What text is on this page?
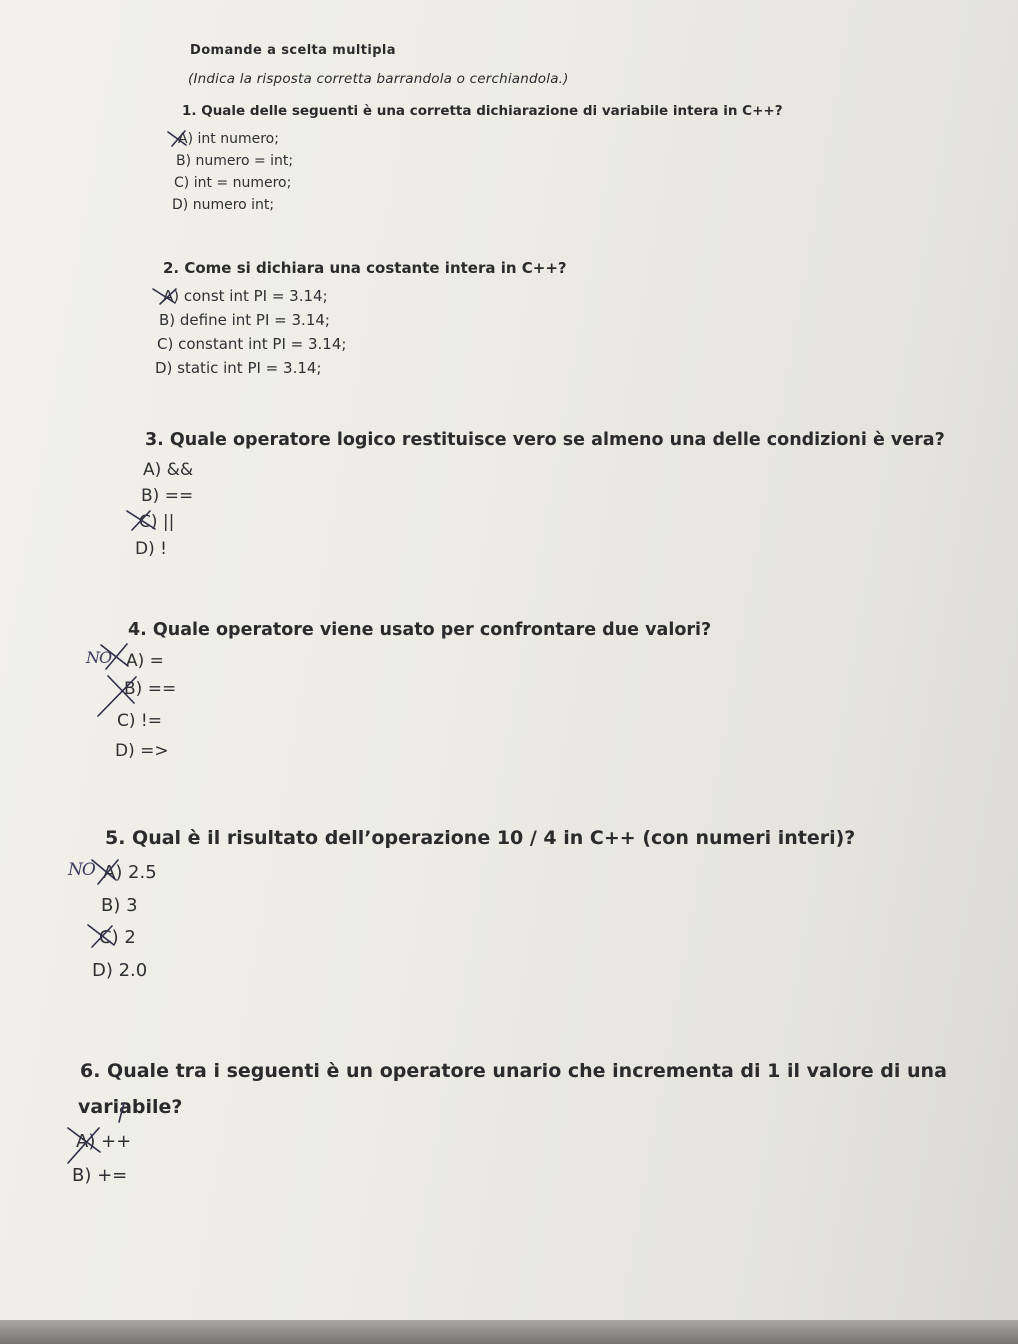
Domande a scelta multipla
(Indica la risposta corretta barrandola o cerchiandola.)
1. Quale delle seguenti è una corretta dichiarazione di variabile intera in C++?
A) int numero;
B) numero = int;
C) int = numero;
D) numero int;
2. Come si dichiara una costante intera in C++?
A) const int PI = 3.14;
B) define int PI = 3.14;
C) constant int PI = 3.14;
D) static int PI = 3.14;
3. Quale operatore logico restituisce vero se almeno una delle condizioni è vera?
A) &&
B) ==
C) ||
D) !
4. Quale operatore viene usato per confrontare due valori?
A) =
B) ==
C) !=
D) =>
5. Qual è il risultato dell’operazione 10 / 4 in C++ (con numeri interi)?
A) 2.5
B) 3
C) 2
D) 2.0
6. Quale tra i seguenti è un operatore unario che incrementa di 1 il valore di una
variabile?
A) ++
B) +=
NO
NO
